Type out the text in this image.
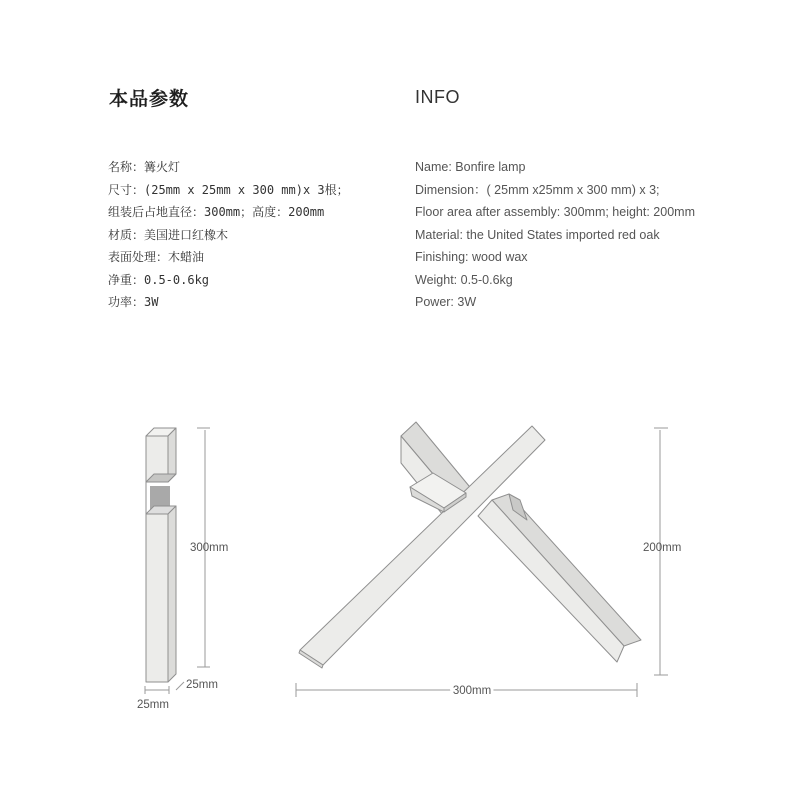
本品参数	INFO
名称：篝火灯
尺寸：(25mm x 25mm x 300 mm)x 3根；
组装后占地直径：300mm；高度：200mm
材质：美国进口红橡木
表面处理：木蜡油
净重：0.5-0.6kg
功率：3W
Name: Bonfire lamp
Dimension：( 25mm x25mm x 300 mm) x 3;
Floor area after assembly: 300mm; height: 200mm
Material: the United States imported red oak
Finishing: wood wax
Weight: 0.5-0.6kg
Power: 3W
300mm
25mm
25mm
200mm
300mm
